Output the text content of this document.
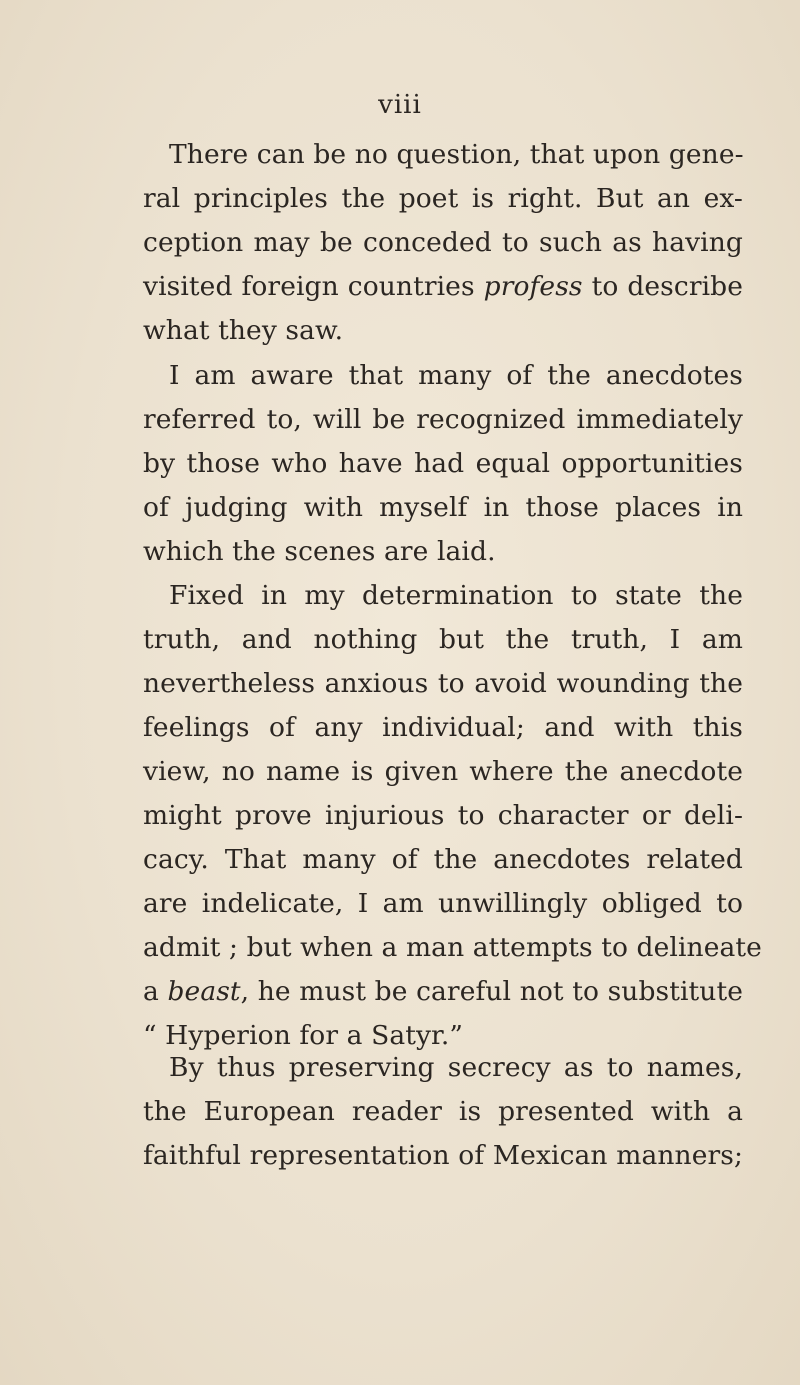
viii
There can be no question, that upon gene-
ral principles the poet is right. But an ex-
ception may be conceded to such as having
visited foreign countries profess to describe
what they saw.
I am aware that many of the anecdotes
referred to, will be recognized immediately
by those who have had equal opportunities
of judging with myself in those places in
which the scenes are laid.
Fixed in my determination to state the
truth, and nothing but the truth, I am
nevertheless anxious to avoid wounding the
feelings of any individual; and with this
view, no name is given where the anecdote
might prove injurious to character or deli-
cacy. That many of the anecdotes related
are indelicate, I am unwillingly obliged to
admit ; but when a man attempts to delineate
a beast, he must be careful not to substitute
“ Hyperion for a Satyr.”
By thus preserving secrecy as to names,
the European reader is presented with a
faithful representation of Mexican manners;
